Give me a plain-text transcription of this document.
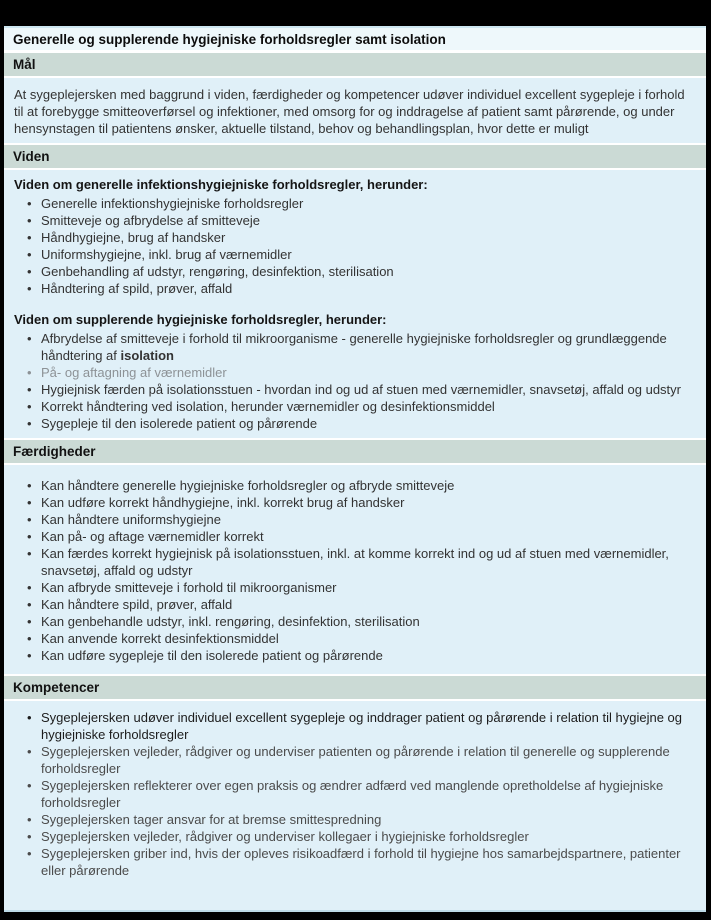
Generelle og supplerende hygiejniske forholdsregler samt isolation
Mål

At sygeplejersken med baggrund i viden, færdigheder og kompetencer udøver individuel excellent sygepleje i forhold til at forebygge smitteoverførsel og infektioner, med omsorg for og inddragelse af patient samt pårørende, og under hensynstagen til patientens ønsker, aktuelle tilstand, behov og behandlingsplan, hvor dette er muligt

Viden
Viden om generelle infektionshygiejniske forholdsregler, herunder:
• Generelle infektionshygiejniske forholdsregler
• Smitteveje og afbrydelse af smitteveje
• Håndhygiejne, brug af handsker
• Uniformshygiejne, inkl. brug af værnemidler
• Genbehandling af udstyr, rengøring, desinfektion, sterilisation
• Håndtering af spild, prøver, affald
Viden om supplerende hygiejniske forholdsregler, herunder:
• Afbrydelse af smitteveje i forhold til mikroorganisme - generelle hygiejniske forholdsregler og grundlæggende håndtering af isolation
• På- og aftagning af værnemidler
• Hygiejnisk færden på isolationsstuen - hvordan ind og ud af stuen med værnemidler, snavsetøj, affald og udstyr
• Korrekt håndtering ved isolation, herunder værnemidler og desinfektionsmiddel
• Sygepleje til den isolerede patient og pårørende
Færdigheder
• Kan håndtere generelle hygiejniske forholdsregler og afbryde smitteveje
• Kan udføre korrekt håndhygiejne, inkl. korrekt brug af handsker
• Kan håndtere uniformshygiejne
• Kan på- og aftage værnemidler korrekt
• Kan færdes korrekt hygiejnisk på isolationsstuen, inkl. at komme korrekt ind og ud af stuen med værnemidler, snavsetøj, affald og udstyr
• Kan afbryde smitteveje i forhold til mikroorganismer
• Kan håndtere spild, prøver, affald
• Kan genbehandle udstyr, inkl. rengøring, desinfektion, sterilisation
• Kan anvende korrekt desinfektionsmiddel
• Kan udføre sygepleje til den isolerede patient og pårørende
Kompetencer
• Sygeplejersken udøver individuel excellent sygepleje og inddrager patient og pårørende i relation til hygiejne og hygiejniske forholdsregler
• Sygeplejersken vejleder, rådgiver og underviser patienten og pårørende i relation til generelle og supplerende forholdsregler
• Sygeplejersken reflekterer over egen praksis og ændrer adfærd ved manglende opretholdelse af hygiejniske forholdsregler
• Sygeplejersken tager ansvar for at bremse smittespredning
• Sygeplejersken vejleder, rådgiver og underviser kollegaer i hygiejniske forholdsregler
• Sygeplejersken griber ind, hvis der opleves risikoadfærd i forhold til hygiejne hos samarbejdspartnere, patienter eller pårørende
